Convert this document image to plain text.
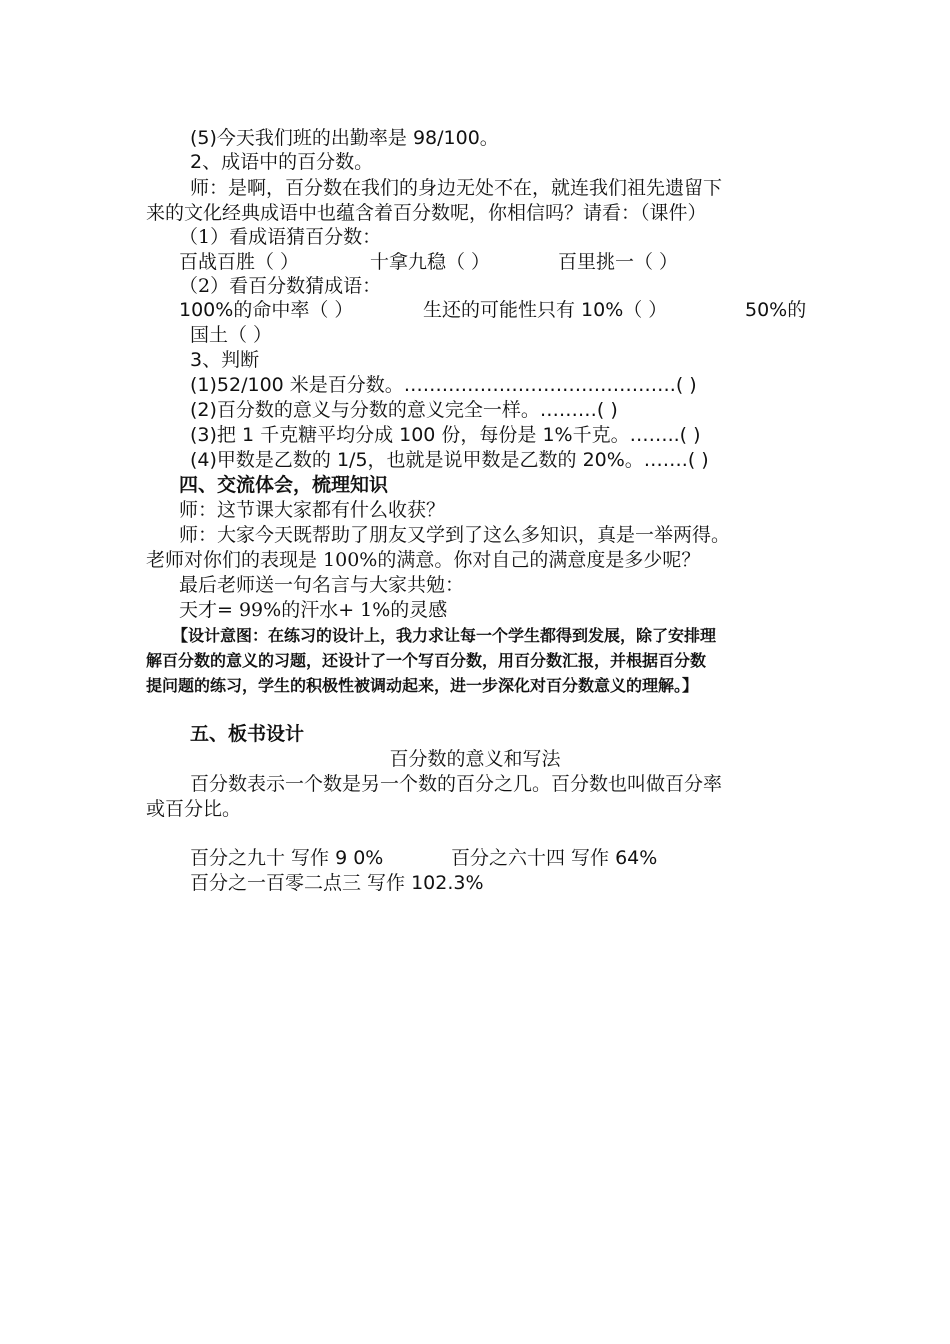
(5)今天我们班的出勤率是 98/100。
2、成语中的百分数。
师：是啊，百分数在我们的身边无处不在，就连我们祖先遗留下
来的文化经典成语中也蕴含着百分数呢，你相信吗？请看：（课件）
（1）看成语猜百分数：
百战百胜（ ）	十拿九稳（ ）	百里挑一（ ）
（2）看百分数猜成语：
100%的命中率（ ）	生还的可能性只有 10%（ ）	50%的
国土（ ）
3、判断
(1)52/100 米是百分数。…………………………………….( )
(2)百分数的意义与分数的意义完全一样。………( )
(3)把 1 千克糖平均分成 100 份，每份是 1%千克。……..( )
(4)甲数是乙数的 1/5，也就是说甲数是乙数的 20%。…….( )
四、交流体会，梳理知识
师：这节课大家都有什么收获？
师：大家今天既帮助了朋友又学到了这么多知识，真是一举两得。
老师对你们的表现是 100%的满意。你对自己的满意度是多少呢？
最后老师送一句名言与大家共勉：
天才= 99%的汗水+ 1%的灵感
【设计意图：在练习的设计上，我力求让每一个学生都得到发展，除了安排理
解百分数的意义的习题，还设计了一个写百分数，用百分数汇报，并根据百分数
提问题的练习，学生的积极性被调动起来，进一步深化对百分数意义的理解。】
五、板书设计
百分数的意义和写法
百分数表示一个数是另一个数的百分之几。百分数也叫做百分率
或百分比。
百分之九十 写作 9 0%	百分之六十四 写作 64%
百分之一百零二点三 写作 102.3%
